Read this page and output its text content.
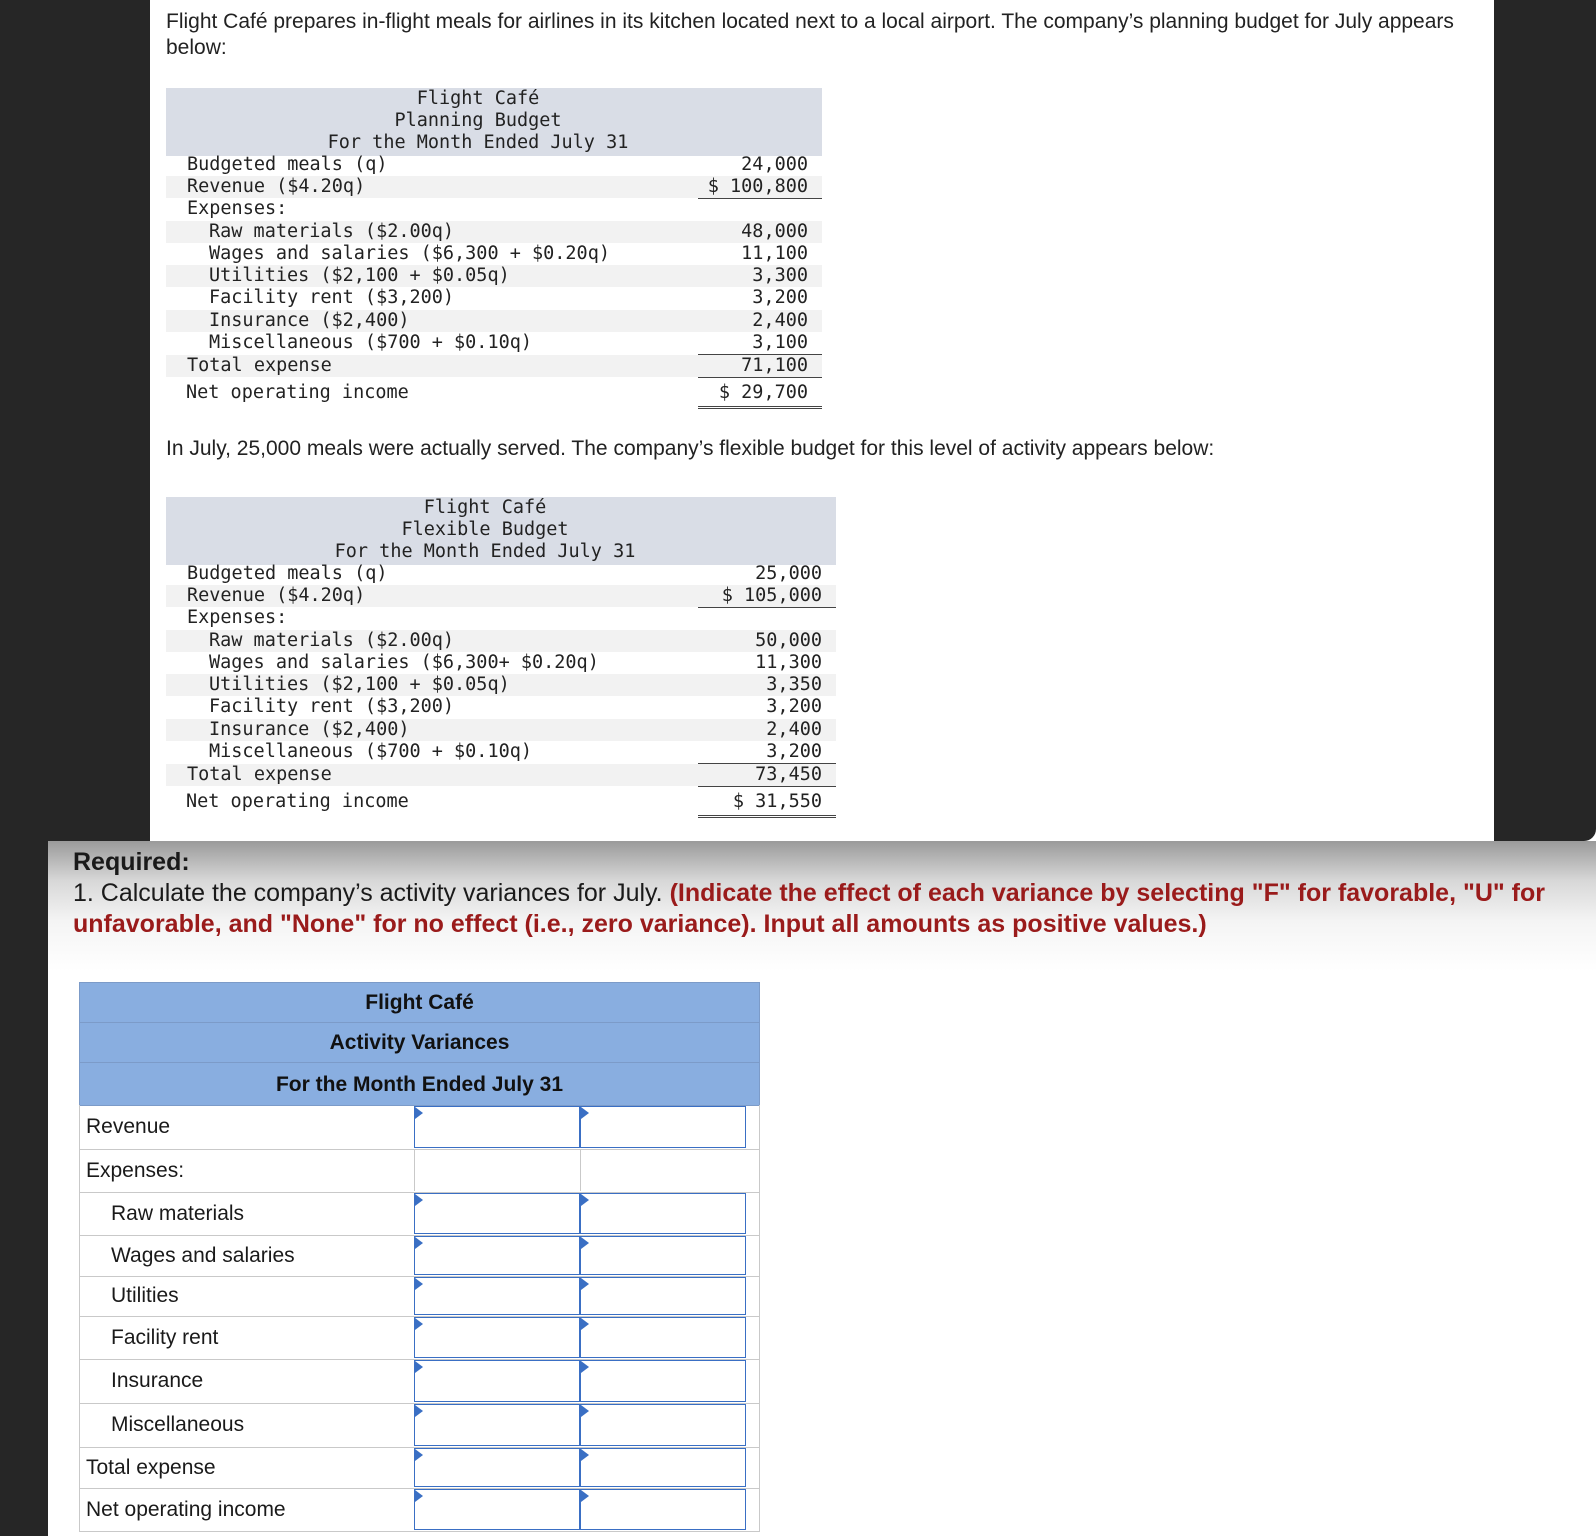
Flight Café prepares in-flight meals for airlines in its kitchen located next to a local airport. The company’s planning budget for July appears below:
Flight Café
Planning Budget
For the Month Ended July 31
Budgeted meals (q)	24,000
Revenue ($4.20q)	$ 100,800
Expenses:
Raw materials ($2.00q)	48,000
Wages and salaries ($6,300 + $0.20q)	11,100
Utilities ($2,100 + $0.05q)	3,300
Facility rent ($3,200)	3,200
Insurance ($2,400)	2,400
Miscellaneous ($700 + $0.10q)	3,100
Total expense	71,100
Net operating income	$ 29,700
In July, 25,000 meals were actually served. The company’s flexible budget for this level of activity appears below:
Flight Café
Flexible Budget
For the Month Ended July 31
Budgeted meals (q)	25,000
Revenue ($4.20q)	$ 105,000
Expenses:
Raw materials ($2.00q)	50,000
Wages and salaries ($6,300+ $0.20q)	11,300
Utilities ($2,100 + $0.05q)	3,350
Facility rent ($3,200)	3,200
Insurance ($2,400)	2,400
Miscellaneous ($700 + $0.10q)	3,200
Total expense	73,450
Net operating income	$ 31,550
Required:
1. Calculate the company’s activity variances for July. (Indicate the effect of each variance by selecting "F" for favorable, "U" for unfavorable, and "None" for no effect (i.e., zero variance). Input all amounts as positive values.)
Flight Café
Activity Variances
For the Month Ended July 31
Revenue
Expenses:
Raw materials
Wages and salaries
Utilities
Facility rent
Insurance
Miscellaneous
Total expense
Net operating income
